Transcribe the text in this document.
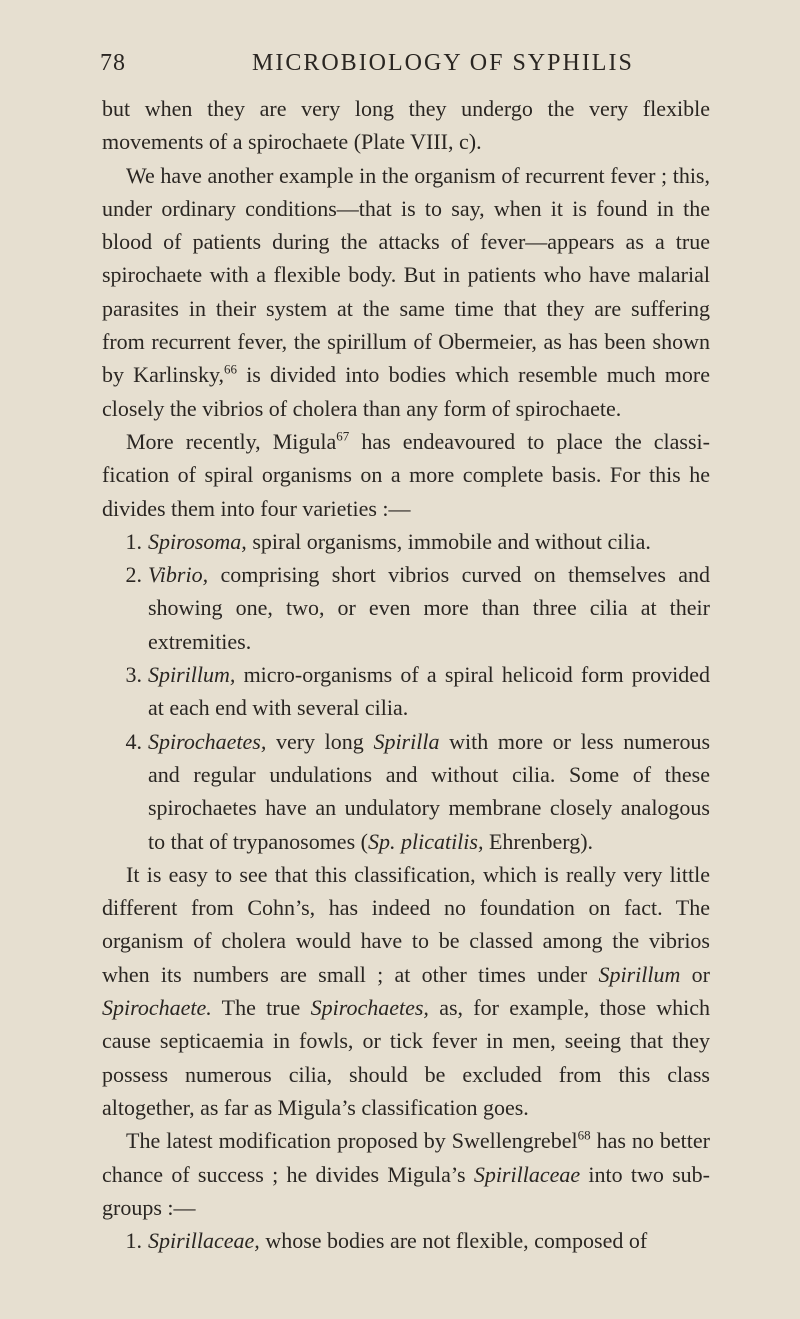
78	MICROBIOLOGY OF SYPHILIS

but when they are very long they undergo the very flexible movements of a spirochaete (Plate VIII, c).

We have another example in the organism of recurrent fever ; this, under ordinary conditions—that is to say, when it is found in the blood of patients during the attacks of fever—appears as a true spirochaete with a flexible body. But in patients who have malarial parasites in their system at the same time that they are suffering from recurrent fever, the spirillum of Obermeier, as has been shown by Karlinsky,$^{66}$ is divided into bodies which resemble much more closely the vibrios of cholera than any form of spirochaete.

More recently, Migula$^{67}$ has endeavoured to place the classification of spiral organisms on a more complete basis. For this he divides them into four varieties :—

1. Spirosoma, spiral organisms, immobile and without cilia.

2. Vibrio, comprising short vibrios curved on themselves and showing one, two, or even more than three cilia at their extremities.

3. Spirillum, micro-organisms of a spiral helicoid form provided at each end with several cilia.

4. Spirochaetes, very long Spirilla with more or less numerous and regular undulations and without cilia. Some of these spirochaetes have an undulatory membrane closely analogous to that of trypanosomes (Sp. plicatilis, Ehrenberg).

It is easy to see that this classification, which is really very little different from Cohn’s, has indeed no foundation on fact. The organism of cholera would have to be classed among the vibrios when its numbers are small ; at other times under Spirillum or Spirochaete. The true Spirochaetes, as, for example, those which cause septicaemia in fowls, or tick fever in men, seeing that they possess numerous cilia, should be excluded from this class altogether, as far as Migula’s classification goes.

The latest modification proposed by Swellengrebel$^{68}$ has no better chance of success ; he divides Migula’s Spirillaceae into two sub-groups :—

1. Spirillaceae, whose bodies are not flexible, composed of
